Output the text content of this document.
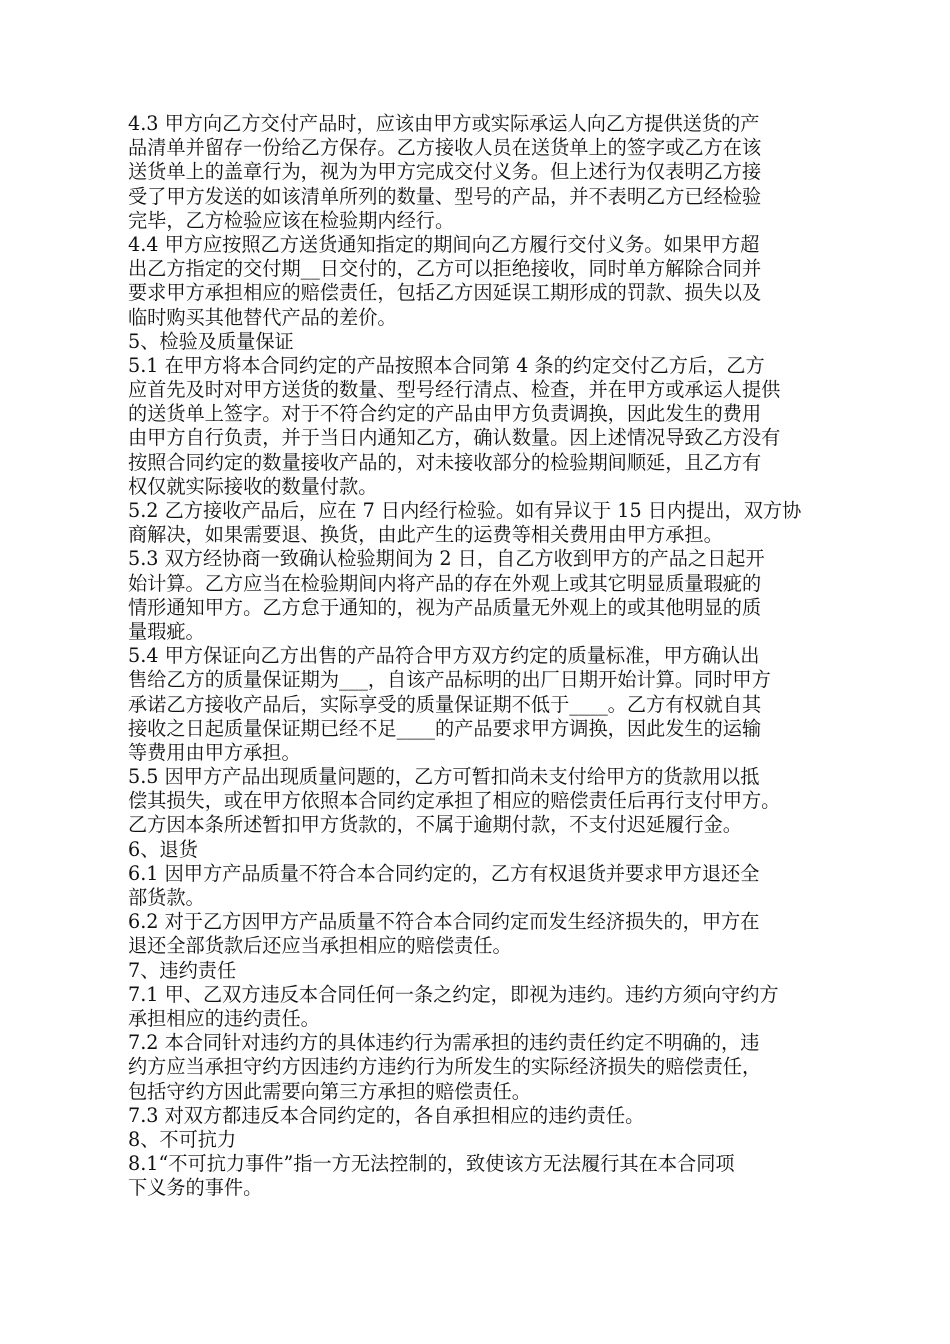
4.3 甲方向乙方交付产品时，应该由甲方或实际承运人向乙方提供送货的产
品清单并留存一份给乙方保存。乙方接收人员在送货单上的签字或乙方在该
送货单上的盖章行为，视为为甲方完成交付义务。但上述行为仅表明乙方接
受了甲方发送的如该清单所列的数量、型号的产品，并不表明乙方已经检验
完毕，乙方检验应该在检验期内经行。
4.4 甲方应按照乙方送货通知指定的期间向乙方履行交付义务。如果甲方超
出乙方指定的交付期__日交付的，乙方可以拒绝接收，同时单方解除合同并
要求甲方承担相应的赔偿责任，包括乙方因延误工期形成的罚款、损失以及
临时购买其他替代产品的差价。
5、检验及质量保证
5.1 在甲方将本合同约定的产品按照本合同第 4 条的约定交付乙方后，乙方
应首先及时对甲方送货的数量、型号经行清点、检查，并在甲方或承运人提供
的送货单上签字。对于不符合约定的产品由甲方负责调换，因此发生的费用
由甲方自行负责，并于当日内通知乙方，确认数量。因上述情况导致乙方没有
按照合同约定的数量接收产品的，对未接收部分的检验期间顺延，且乙方有
权仅就实际接收的数量付款。
5.2 乙方接收产品后，应在 7 日内经行检验。如有异议于 15 日内提出，双方协
商解决，如果需要退、换货，由此产生的运费等相关费用由甲方承担。
5.3 双方经协商一致确认检验期间为 2 日，自乙方收到甲方的产品之日起开
始计算。乙方应当在检验期间内将产品的存在外观上或其它明显质量瑕疵的
情形通知甲方。乙方怠于通知的，视为产品质量无外观上的或其他明显的质
量瑕疵。
5.4 甲方保证向乙方出售的产品符合甲方双方约定的质量标准，甲方确认出
售给乙方的质量保证期为___，自该产品标明的出厂日期开始计算。同时甲方
承诺乙方接收产品后，实际享受的质量保证期不低于____。乙方有权就自其
接收之日起质量保证期已经不足____的产品要求甲方调换，因此发生的运输
等费用由甲方承担。
5.5 因甲方产品出现质量问题的，乙方可暂扣尚未支付给甲方的货款用以抵
偿其损失，或在甲方依照本合同约定承担了相应的赔偿责任后再行支付甲方。
乙方因本条所述暂扣甲方货款的，不属于逾期付款，不支付迟延履行金。
6、退货
6.1 因甲方产品质量不符合本合同约定的，乙方有权退货并要求甲方退还全
部货款。
6.2 对于乙方因甲方产品质量不符合本合同约定而发生经济损失的，甲方在
退还全部货款后还应当承担相应的赔偿责任。
7、违约责任
7.1 甲、乙双方违反本合同任何一条之约定，即视为违约。违约方须向守约方
承担相应的违约责任。
7.2 本合同针对违约方的具体违约行为需承担的违约责任约定不明确的，违
约方应当承担守约方因违约方违约行为所发生的实际经济损失的赔偿责任，
包括守约方因此需要向第三方承担的赔偿责任。
7.3 对双方都违反本合同约定的，各自承担相应的违约责任。
8、不可抗力
8.1“不可抗力事件”指一方无法控制的，致使该方无法履行其在本合同项
下义务的事件。
